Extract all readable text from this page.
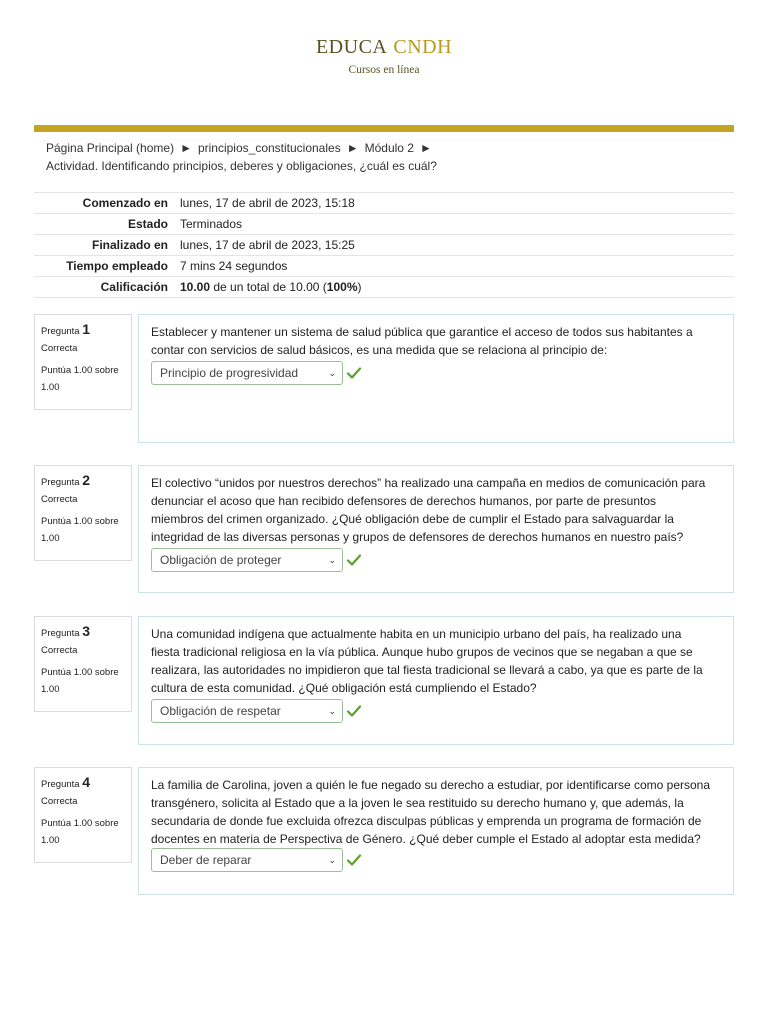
EDUCA CNDH
Cursos en línea
Página Principal (home) ► principios_constitucionales ► Módulo 2 ►
Actividad. Identificando principios, deberes y obligaciones, ¿cuál es cuál?
Comenzado en	lunes, 17 de abril de 2023, 15:18
Estado	Terminados
Finalizado en	lunes, 17 de abril de 2023, 15:25
Tiempo empleado	7 mins 24 segundos
Calificación	10.00 de un total de 10.00 (100%)
Pregunta 1
Correcta
Puntúa 1.00 sobre 1.00
Establecer y mantener un sistema de salud pública que garantice el acceso de todos sus habitantes a contar con servicios de salud básicos, es una medida que se relaciona al principio de:
Principio de progresividad	⌄
Pregunta 2
Correcta
Puntúa 1.00 sobre 1.00
El colectivo “unidos por nuestros derechos” ha realizado una campaña en medios de comunicación para denunciar el acoso que han recibido defensores de derechos humanos, por parte de presuntos miembros del crimen organizado. ¿Qué obligación debe de cumplir el Estado para salvaguardar la integridad de las diversas personas y grupos de defensores de derechos humanos en nuestro país?
Obligación de proteger	⌄
Pregunta 3
Correcta
Puntúa 1.00 sobre 1.00
Una comunidad indígena que actualmente habita en un municipio urbano del país, ha realizado una fiesta tradicional religiosa en la vía pública. Aunque hubo grupos de vecinos que se negaban a que se realizara, las autoridades no impidieron que tal fiesta tradicional se llevará a cabo, ya que es parte de la cultura de esta comunidad. ¿Qué obligación está cumpliendo el Estado?
Obligación de respetar	⌄
Pregunta 4
Correcta
Puntúa 1.00 sobre 1.00
La familia de Carolina, joven a quién le fue negado su derecho a estudiar, por identificarse como persona transgénero, solicita al Estado que a la joven le sea restituido su derecho humano y, que además, la secundaria de donde fue excluida ofrezca disculpas públicas y emprenda un programa de formación de docentes en materia de Perspectiva de Género. ¿Qué deber cumple el Estado al adoptar esta medida?
Deber de reparar	⌄
